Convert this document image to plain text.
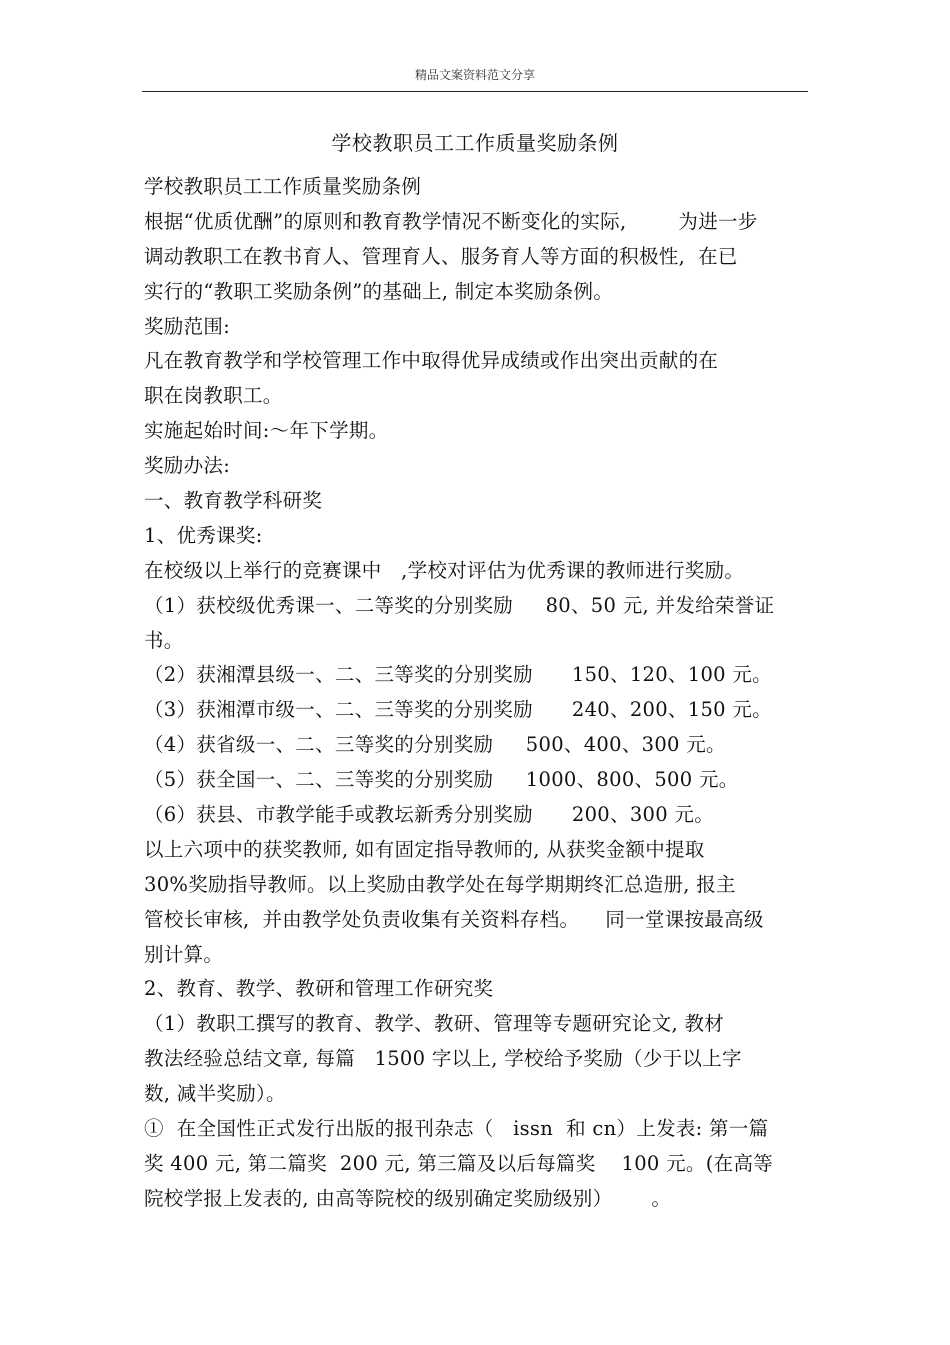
精品文案资料范文分享
学校教职员工工作质量奖励条例
学校教职员工工作质量奖励条例
根据“优质优酬”的原则和教育教学情况不断变化的实际,        为进一步
调动教职工在教书育人、管理育人、服务育人等方面的积极性,  在已
实行的“教职工奖励条例”的基础上, 制定本奖励条例。
奖励范围:
凡在教育教学和学校管理工作中取得优异成绩或作出突出贡献的在
职在岗教职工。
实施起始时间:～年下学期。
奖励办法:
一、教育教学科研奖
1、优秀课奖:
在校级以上举行的竞赛课中   ,学校对评估为优秀课的教师进行奖励。
（1）获校级优秀课一、二等奖的分别奖励     80、50 元, 并发给荣誉证
书。
（2）获湘潭县级一、二、三等奖的分别奖励      150、120、100 元。
（3）获湘潭市级一、二、三等奖的分别奖励      240、200、150 元。
（4）获省级一、二、三等奖的分别奖励     500、400、300 元。
（5）获全国一、二、三等奖的分别奖励     1000、800、500 元。
（6）获县、市教学能手或教坛新秀分别奖励      200、300 元。
以上六项中的获奖教师, 如有固定指导教师的, 从获奖金额中提取
30%奖励指导教师。以上奖励由教学处在每学期期终汇总造册, 报主
管校长审核,  并由教学处负责收集有关资料存档。    同一堂课按最高级
别计算。
2、教育、教学、教研和管理工作研究奖
（1）教职工撰写的教育、教学、教研、管理等专题研究论文, 教材
教法经验总结文章, 每篇   1500 字以上, 学校给予奖励（少于以上字
数, 减半奖励）。
①  在全国性正式发行出版的报刊杂志（   issn  和 cn）上发表: 第一篇
奖 400 元, 第二篇奖  200 元, 第三篇及以后每篇奖    100 元。(在高等
院校学报上发表的, 由高等院校的级别确定奖励级别）      。
